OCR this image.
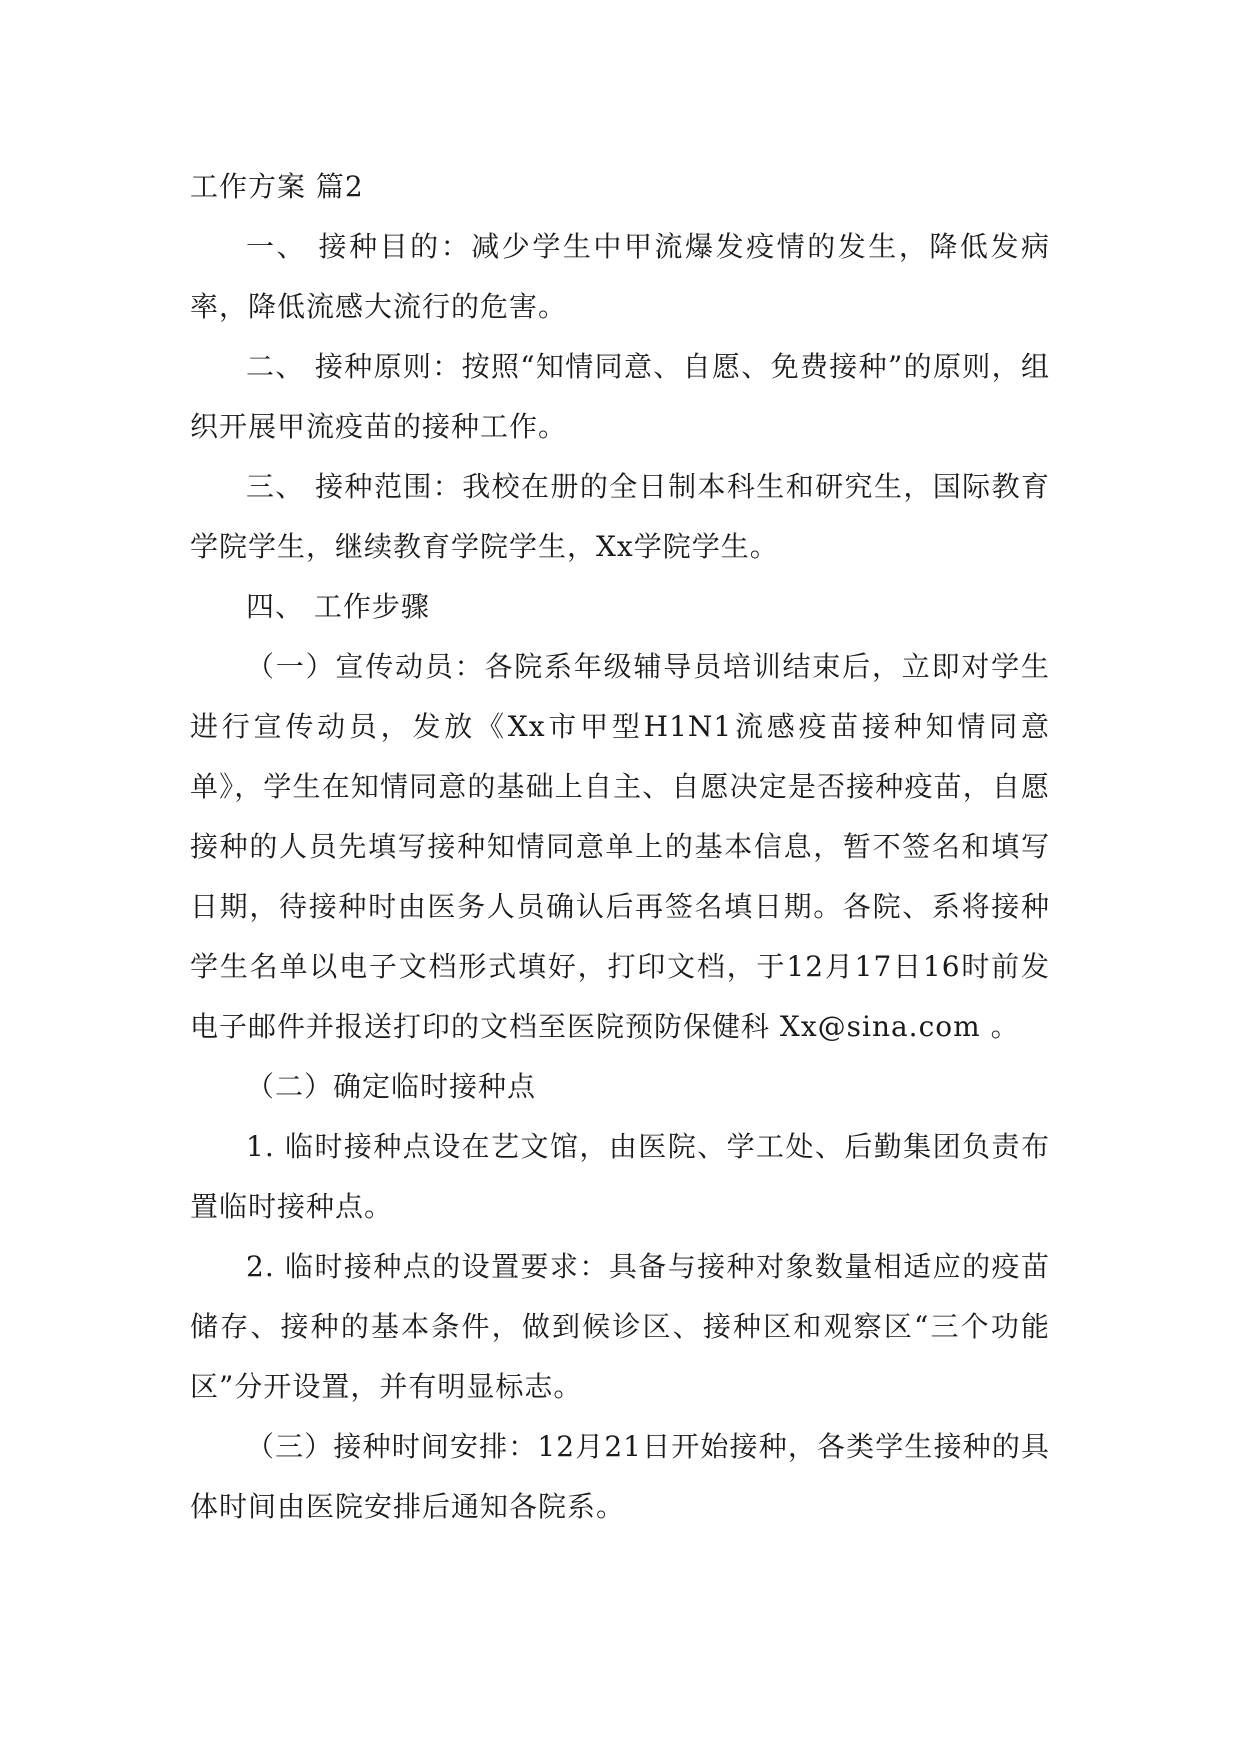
工作方案 篇2

一、 接种目的：减少学生中甲流爆发疫情的发生，降低发病率，降低流感大流行的危害。

二、 接种原则：按照“知情同意、自愿、免费接种”的原则，组织开展甲流疫苗的接种工作。

三、 接种范围：我校在册的全日制本科生和研究生，国际教育学院学生，继续教育学院学生，Xx学院学生。

四、 工作步骤

（一）宣传动员：各院系年级辅导员培训结束后，立即对学生进行宣传动员，发放《Xx市甲型H1N1流感疫苗接种知情同意单》，学生在知情同意的基础上自主、自愿决定是否接种疫苗，自愿接种的人员先填写接种知情同意单上的基本信息，暂不签名和填写日期，待接种时由医务人员确认后再签名填日期。各院、系将接种学生名单以电子文档形式填好，打印文档，于12月17日16时前发电子邮件并报送打印的文档至医院预防保健科 Xx@sina.com 。

（二）确定临时接种点

1. 临时接种点设在艺文馆，由医院、学工处、后勤集团负责布置临时接种点。

2. 临时接种点的设置要求：具备与接种对象数量相适应的疫苗储存、接种的基本条件，做到候诊区、接种区和观察区“三个功能区”分开设置，并有明显标志。

（三）接种时间安排：12月21日开始接种，各类学生接种的具体时间由医院安排后通知各院系。
